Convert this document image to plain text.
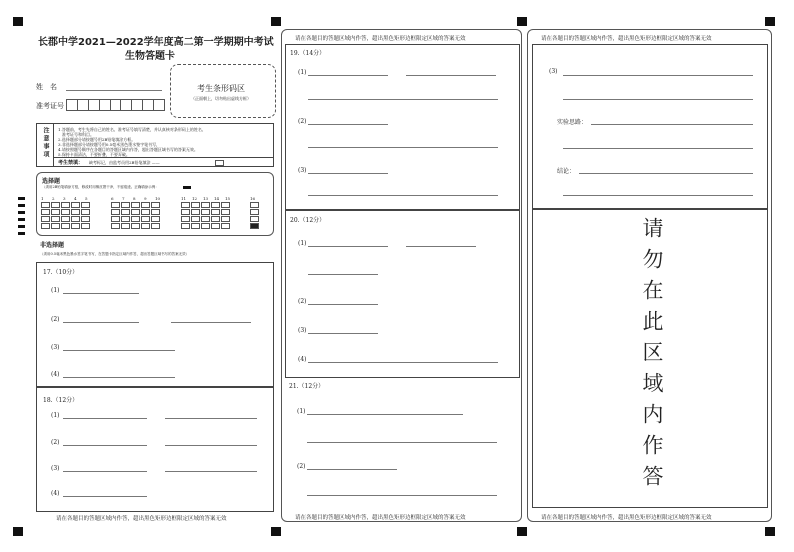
长郡中学2021—2022学年度高二第一学期期中考试
生物答题卡
姓　名
准考证号
考生条形码区
（正面朝上，切勿贴出虚线方框）
注意事项 1.答题前，考生先将自己的姓名、准考证号填写清楚，并认真核对条形码上的姓名、
　准考证号和科目。
2.选择题部分请按题号用2B铅笔填涂方框。
3.非选择题部分请按题号用0.5毫米黑色墨水签字笔书写，
4.请按照题号顺序在各题目的答题区域内作答，超出答题区域书写的答案无效。
5.保持卡面清洁，不要折叠，不要弄破。
考生禁填： 缺考标记，由监考员用2B铅笔填涂 ——
选择题
（须用2B铅笔填涂方框，修改时用橡皮擦干净，不留痕迹。正确填涂示例：
1 2 3 4 5	6 7 8 9 10	11 12 13 14 15	16
非选择题
（须用0.5毫米黑色墨水签字笔书写，在答题卡指定区域内作答，超出答题区域书写的答案无效）
17.（10分）
(1)
(2)
(3)
(4)
18.（12分）
(1)
(2)
(3)
(4)
请在各题目的答题区域内作答，超出黑色矩形边框限定区域的答案无效
请在各题目的答题区域内作答，超出黑色矩形边框限定区域的答案无效
请在各题目的答题区域内作答，超出黑色矩形边框限定区域的答案无效
19.（14分）
(1)
(2)
(3)
20.（12分）
(1)
(2)
(3)
(4)
21.（12分）
(1)
(2)
请在各题目的答题区域内作答，超出黑色矩形边框限定区域的答案无效
请在各题目的答题区域内作答，超出黑色矩形边框限定区域的答案无效
(3)
实验思路：
结论：
请勿在此区域内作答
